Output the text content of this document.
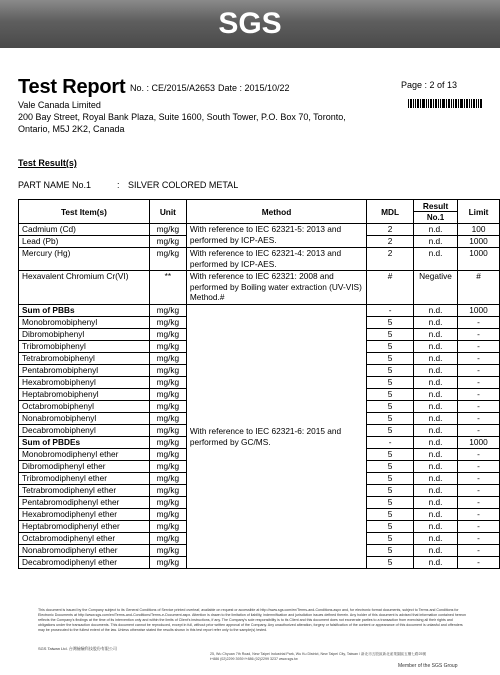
SGS
Test Report No. : CE/2015/A2653 Date : 2015/10/22	Page : 2 of 13
Vale Canada Limited
200 Bay Street, Royal Bank Plaza, Suite 1600, South Tower, P.O. Box 70, Toronto,
Ontario, M5J 2K2, Canada
Test Result(s)
PART NAME No.1	: SILVER COLORED METAL
Test Item(s)	Unit	Method	MDL	Result	Limit
				No.1	
Cadmium (Cd)	mg/kg	With reference to IEC 62321-5: 2013 and performed by ICP-AES.	2	n.d.	100
Lead (Pb)	mg/kg		2	n.d.	1000
Mercury (Hg)	mg/kg	With reference to IEC 62321-4: 2013 and performed by ICP-AES.	2	n.d.	1000
Hexavalent Chromium Cr(VI)	**	With reference to IEC 62321: 2008 and performed by Boiling water extraction (UV-VIS) Method.#	#	Negative	#
Sum of PBBs	mg/kg	With reference to IEC 62321-6: 2015 and performed by GC/MS.	-	n.d.	1000
Monobromobiphenyl	mg/kg		5	n.d.	-
Dibromobiphenyl	mg/kg		5	n.d.	-
Tribromobiphenyl	mg/kg		5	n.d.	-
Tetrabromobiphenyl	mg/kg		5	n.d.	-
Pentabromobiphenyl	mg/kg		5	n.d.	-
Hexabromobiphenyl	mg/kg		5	n.d.	-
Heptabromobiphenyl	mg/kg		5	n.d.	-
Octabromobiphenyl	mg/kg		5	n.d.	-
Nonabromobiphenyl	mg/kg		5	n.d.	-
Decabromobiphenyl	mg/kg		5	n.d.	-
Sum of PBDEs	mg/kg		-	n.d.	1000
Monobromodiphenyl ether	mg/kg		5	n.d.	-
Dibromodiphenyl ether	mg/kg		5	n.d.	-
Tribromodiphenyl ether	mg/kg		5	n.d.	-
Tetrabromodiphenyl ether	mg/kg		5	n.d.	-
Pentabromodiphenyl ether	mg/kg		5	n.d.	-
Hexabromodiphenyl ether	mg/kg		5	n.d.	-
Heptabromodiphenyl ether	mg/kg		5	n.d.	-
Octabromodiphenyl ether	mg/kg		5	n.d.	-
Nonabromodiphenyl ether	mg/kg		5	n.d.	-
Decabromodiphenyl ether	mg/kg		5	n.d.	-
This document is issued by the Company subject to its General Conditions of Service printed overleaf, available on request or accessible at http://www.sgs.com/en/Terms-and-Conditions.aspx and, for electronic format documents, subject to Terms and Conditions for Electronic Documents at http://www.sgs.com/en/Terms-and-Conditions/Terms-e-Document.aspx. Attention is drawn to the limitation of liability, indemnification and jurisdiction issues defined therein. Any holder of this document is advised that information contained hereon reflects the Company's findings at the time of its intervention only and within the limits of Client's instructions, if any. The Company's sole responsibility is to its Client and this document does not exonerate parties to a transaction from exercising all their rights and obligations under the transaction documents. This document cannot be reproduced, except in full, without prior written approval of the Company. Any unauthorized alteration, forgery or falsification of the content or appearance of this document is unlawful and offenders may be prosecuted to the fullest extent of the law. Unless otherwise stated the results shown in this test report refer only to the sample(s) tested.
SGS Taiwan Ltd. 台灣檢驗科技股份有限公司
25, Wu Chyuan 7th Road, New Taipei Industrial Park, Wu Ku District, New Taipei City, Taiwan / 新北市五股區新北產業園區五權七路25號
t+886 (02)2299 3939 f+886 (02)2299 3237 www.sgs.tw
Member of the SGS Group
